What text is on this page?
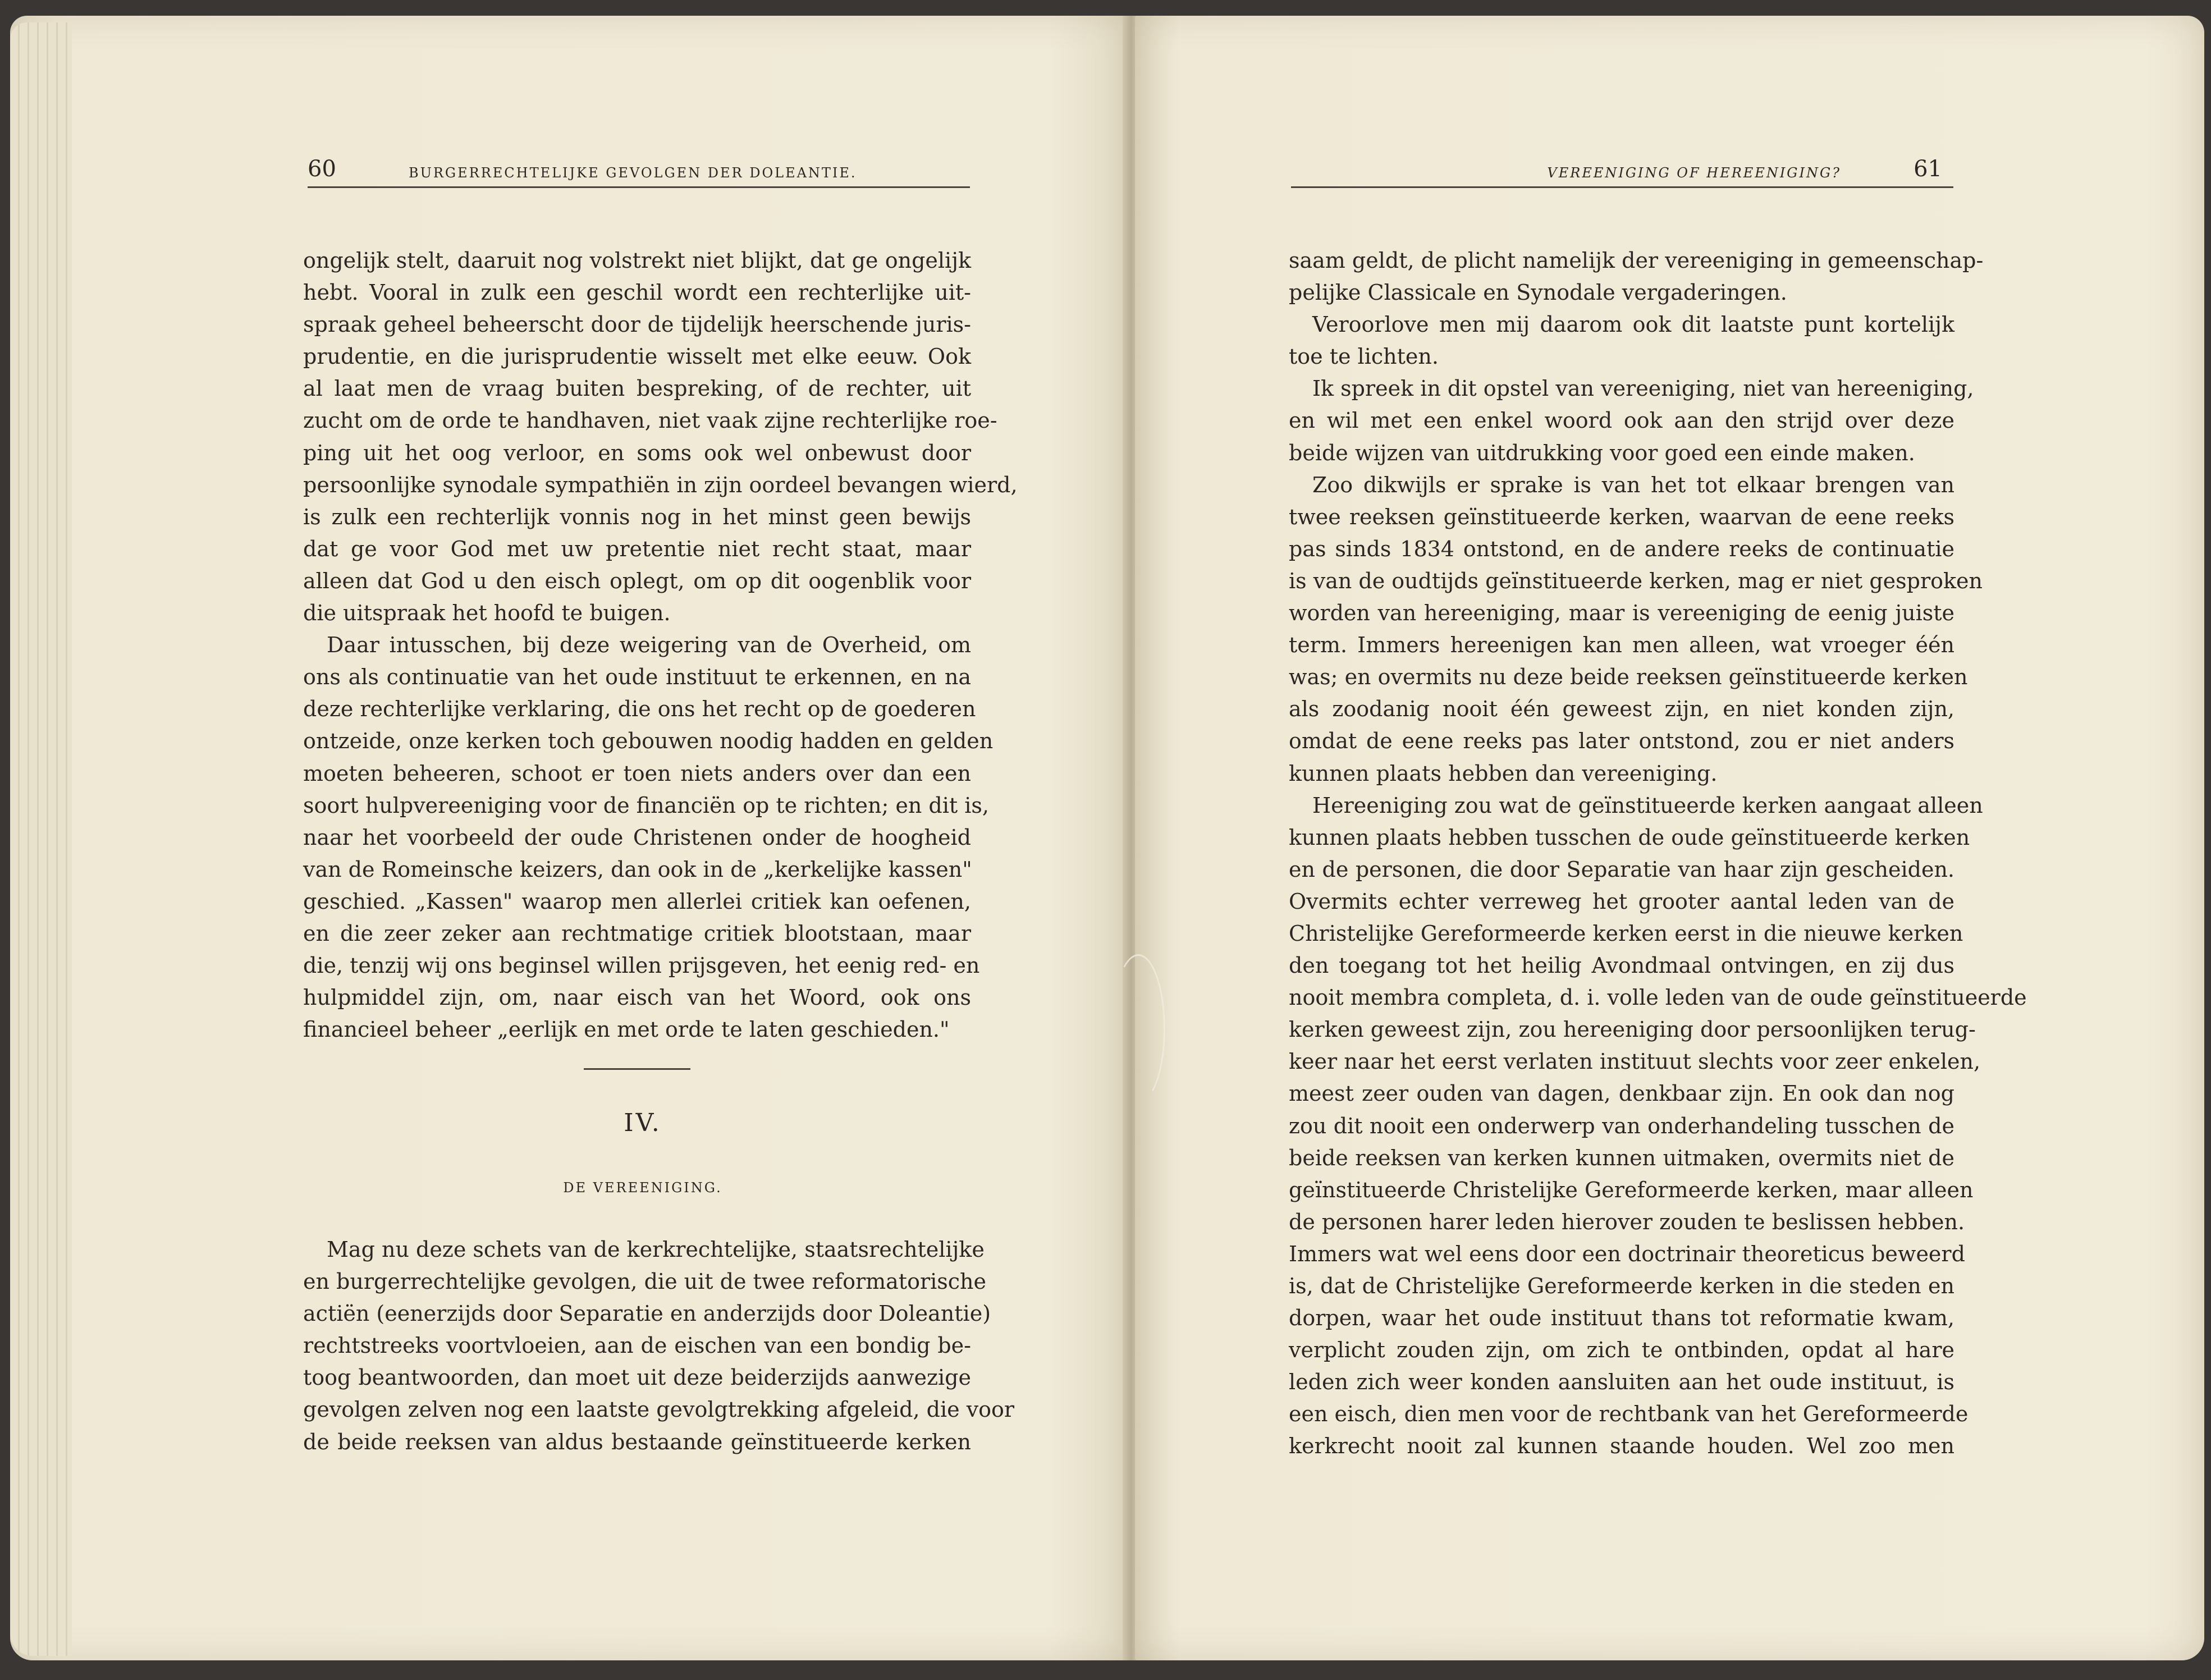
60	BURGERRECHTELIJKE GEVOLGEN DER DOLEANTIE.	VEREENIGING OF HEREENIGING?	61

ongelijk stelt, daaruit nog volstrekt niet blijkt, dat ge ongelijk
hebt. Vooral in zulk een geschil wordt een rechterlijke uit-
spraak geheel beheerscht door de tijdelijk heerschende juris-
prudentie, en die jurisprudentie wisselt met elke eeuw. Ook
al laat men de vraag buiten bespreking, of de rechter, uit
zucht om de orde te handhaven, niet vaak zijne rechterlijke roe-
ping uit het oog verloor, en soms ook wel onbewust door
persoonlijke synodale sympathiën in zijn oordeel bevangen wierd,
is zulk een rechterlijk vonnis nog in het minst geen bewijs
dat ge voor God met uw pretentie niet recht staat, maar
alleen dat God u den eisch oplegt, om op dit oogenblik voor
die uitspraak het hoofd te buigen.

Daar intusschen, bij deze weigering van de Overheid, om
ons als continuatie van het oude instituut te erkennen, en na
deze rechterlijke verklaring, die ons het recht op de goederen
ontzeide, onze kerken toch gebouwen noodig hadden en gelden
moeten beheeren, schoot er toen niets anders over dan een
soort hulpvereeniging voor de financiën op te richten; en dit is,
naar het voorbeeld der oude Christenen onder de hoogheid
van de Romeinsche keizers, dan ook in de „kerkelijke kassen"
geschied. „Kassen" waarop men allerlei critiek kan oefenen,
en die zeer zeker aan rechtmatige critiek blootstaan, maar
die, tenzij wij ons beginsel willen prijsgeven, het eenig red- en
hulpmiddel zijn, om, naar eisch van het Woord, ook ons
financieel beheer „eerlijk en met orde te laten geschieden."

IV.
DE VEREENIGING.

Mag nu deze schets van de kerkrechtelijke, staatsrechtelijke
en burgerrechtelijke gevolgen, die uit de twee reformatorische
actiën (eenerzijds door Separatie en anderzijds door Doleantie)
rechtstreeks voortvloeien, aan de eischen van een bondig be-
toog beantwoorden, dan moet uit deze beiderzijds aanwezige
gevolgen zelven nog een laatste gevolgtrekking afgeleid, die voor
de beide reeksen van aldus bestaande geïnstitueerde kerken

saam geldt, de plicht namelijk der vereeniging in gemeenschap-
pelijke Classicale en Synodale vergaderingen.
Veroorlove men mij daarom ook dit laatste punt kortelijk
toe te lichten.
Ik spreek in dit opstel van vereeniging, niet van hereeniging,
en wil met een enkel woord ook aan den strijd over deze
beide wijzen van uitdrukking voor goed een einde maken.
Zoo dikwijls er sprake is van het tot elkaar brengen van
twee reeksen geïnstitueerde kerken, waarvan de eene reeks
pas sinds 1834 ontstond, en de andere reeks de continuatie
is van de oudtijds geïnstitueerde kerken, mag er niet gesproken
worden van hereeniging, maar is vereeniging de eenig juiste
term. Immers hereenigen kan men alleen, wat vroeger één
was; en overmits nu deze beide reeksen geïnstitueerde kerken
als zoodanig nooit één geweest zijn, en niet konden zijn,
omdat de eene reeks pas later ontstond, zou er niet anders
kunnen plaats hebben dan vereeniging.
Hereeniging zou wat de geïnstitueerde kerken aangaat alleen
kunnen plaats hebben tusschen de oude geïnstitueerde kerken
en de personen, die door Separatie van haar zijn gescheiden.
Overmits echter verreweg het grooter aantal leden van de
Christelijke Gereformeerde kerken eerst in die nieuwe kerken
den toegang tot het heilig Avondmaal ontvingen, en zij dus
nooit membra completa, d. i. volle leden van de oude geïnstitueerde
kerken geweest zijn, zou hereeniging door persoonlijken terug-
keer naar het eerst verlaten instituut slechts voor zeer enkelen,
meest zeer ouden van dagen, denkbaar zijn. En ook dan nog
zou dit nooit een onderwerp van onderhandeling tusschen de
beide reeksen van kerken kunnen uitmaken, overmits niet de
geïnstitueerde Christelijke Gereformeerde kerken, maar alleen
de personen harer leden hierover zouden te beslissen hebben.
Immers wat wel eens door een doctrinair theoreticus beweerd
is, dat de Christelijke Gereformeerde kerken in die steden en
dorpen, waar het oude instituut thans tot reformatie kwam,
verplicht zouden zijn, om zich te ontbinden, opdat al hare
leden zich weer konden aansluiten aan het oude instituut, is
een eisch, dien men voor de rechtbank van het Gereformeerde
kerkrecht nooit zal kunnen staande houden. Wel zoo men
